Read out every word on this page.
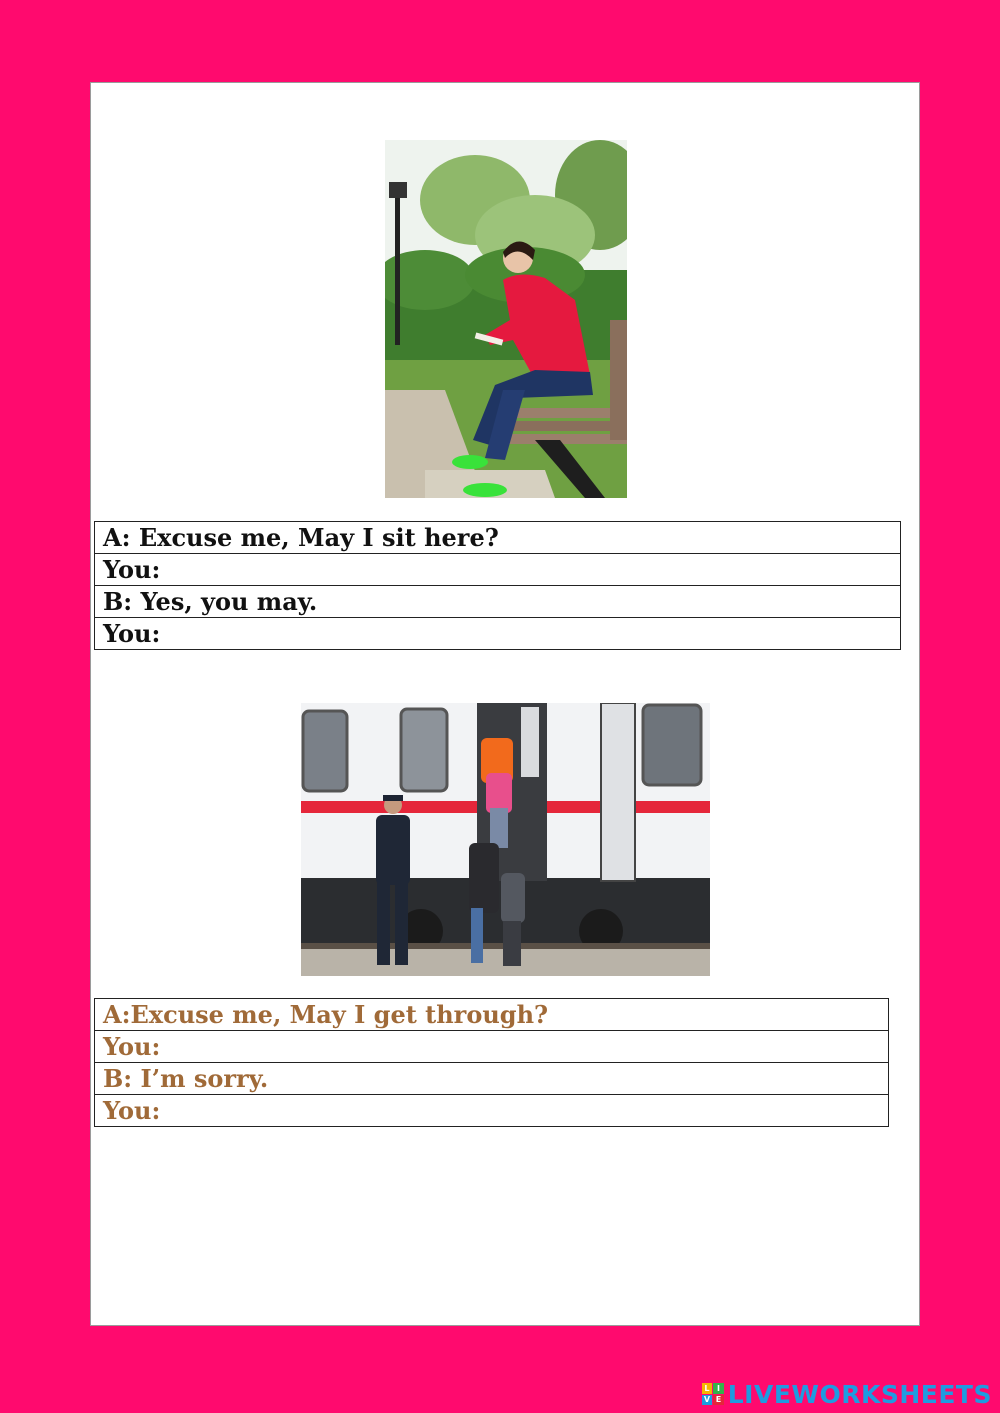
A: Excuse me, May I sit here?
You:
B: Yes, you may.
You:
A:Excuse me, May I get through?
You:
B: I’m sorry.
You:
L I
V E LIVEWORKSHEETS
